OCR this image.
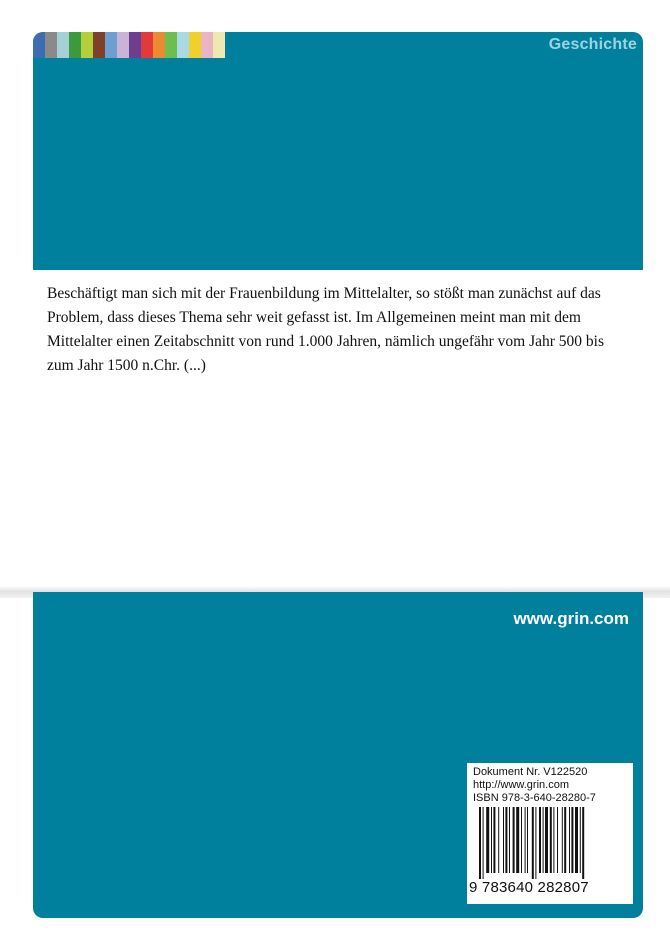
Geschichte

Beschäftigt man sich mit der Frauenbildung im Mittelalter, so stößt man zunächst auf das Problem, dass dieses Thema sehr weit gefasst ist. Im Allgemeinen meint man mit dem Mittelalter einen Zeitabschnitt von rund 1.000 Jahren, nämlich ungefähr vom Jahr 500 bis zum Jahr 1500 n.Chr. (...)

www.grin.com
Dokument Nr. V122520
http://www.grin.com
ISBN 978-3-640-28280-7
9 783640 282807
